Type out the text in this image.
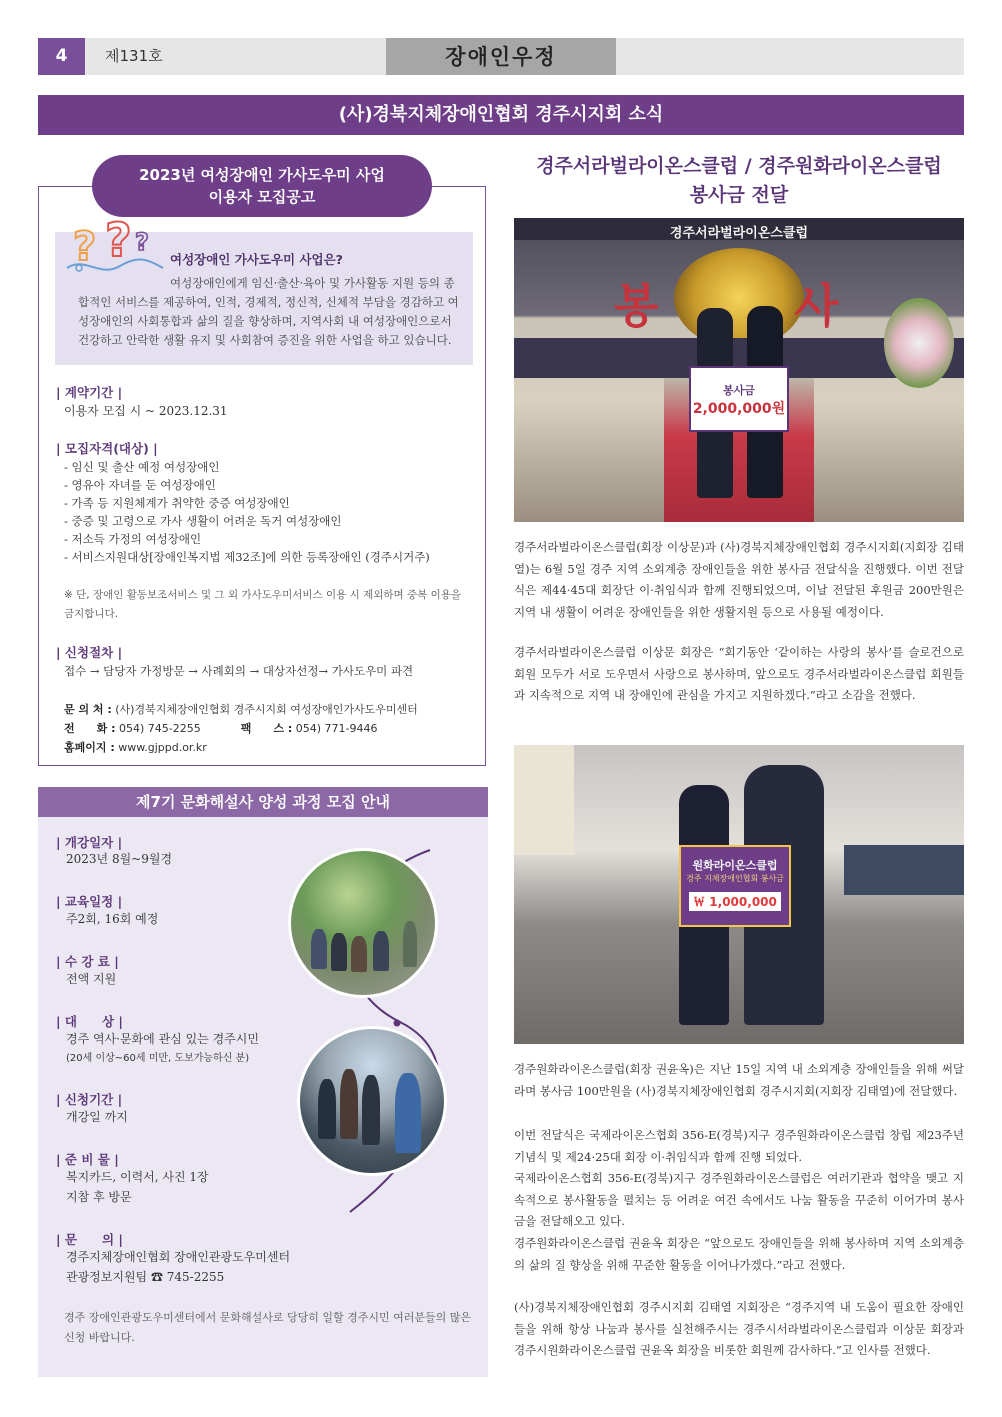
4	제131호	장애인우정
(사)경북지체장애인협회 경주시지회 소식
2023년 여성장애인 가사도우미 사업
이용자 모집공고
? ? ?
여성장애인 가사도우미 사업은?
여성장애인에게 임신·출산·육아 및 가사활동 지원 등의 종합적인 서비스를 제공하여, 인적, 경제적, 정신적, 신체적 부담을 경감하고 여성장애인의 사회통합과 삶의 질을 향상하며, 지역사회 내 여성장애인으로서 건강하고 안락한 생활 유지 및 사회참여 증진을 위한 사업을 하고 있습니다.
| 계약기간 |
이용자 모집 시 ~ 2023.12.31
| 모집자격(대상) |
- 임신 및 출산 예정 여성장애인
- 영유아 자녀를 둔 여성장애인
- 가족 등 지원체계가 취약한 중증 여성장애인
- 중증 및 고령으로 가사 생활이 어려운 독거 여성장애인
- 저소득 가정의 여성장애인
- 서비스지원대상[장애인복지법 제32조]에 의한 등록장애인 (경주시거주)
※ 단, 장애인 활동보조서비스 및 그 외 가사도우미서비스 이용 시 제외하며 중복 이용을 금지합니다.
| 신청절차 |
접수 → 담당자 가정방문 → 사례회의 → 대상자선정→ 가사도우미 파견
문 의 처 : (사)경북지체장애인협회 경주시지회 여성장애인가사도우미센터
전　　화 : 054) 745-2255	팩　　스 : 054) 771-9446
홈페이지 : www.gjppd.or.kr
제7기 문화해설사 양성 과정 모집 안내
| 개강일자 |
2023년 8월~9월경
| 교육일정 |
주2회, 16회 예정
| 수 강 료 |
전액 지원
| 대　　상 |
경주 역사·문화에 관심 있는 경주시민
(20세 이상~60세 미만, 도보가능하신 분)
| 신청기간 |
개강일 까지
| 준 비 물 |
복지카드, 이력서, 사진 1장
지참 후 방문
| 문　　의 |
경주지체장애인협회 장애인관광도우미센터
관광정보지원팀 ☎ 745-2255
경주 장애인관광도우미센터에서 문화해설사로 당당히 일할 경주시민 여러분들의 많은 신청 바랍니다.
경주서라벌라이온스클럽 / 경주원화라이온스클럽
봉사금 전달
경주서라벌라이온스클럽
봉	사
봉사금
2,000,000원
경주서라벌라이온스클럽(회장 이상문)과 (사)경북지체장애인협회 경주시지회(지회장 김태열)는 6월 5일 경주 지역 소외계층 장애인들을 위한 봉사금 전달식을 진행했다. 이번 전달식은 제44·45대 회장단 이·취임식과 함께 진행되었으며, 이날 전달된 후원금 200만원은 지역 내 생활이 어려운 장애인들을 위한 생활지원 등으로 사용될 예정이다.
경주서라벌라이온스클럽 이상문 회장은 “회기동안 ‘같이하는 사랑의 봉사’를 슬로건으로 회원 모두가 서로 도우면서 사랑으로 봉사하며, 앞으로도 경주서라벌라이온스클럽 회원들과 지속적으로 지역 내 장애인에 관심을 가지고 지원하겠다.”라고 소감을 전했다.
원화라이온스클럽
경주 지체장애인협회 봉사금
￦ 1,000,000
경주원화라이온스클럽(회장 권윤옥)은 지난 15일 지역 내 소외계층 장애인들을 위해 써달라며 봉사금 100만원을 (사)경북지체장애인협회 경주시지회(지회장 김태열)에 전달했다.
이번 전달식은 국제라이온스협회 356-E(경북)지구 경주원화라이온스클럽 창립 제23주년 기념식 및 제24·25대 회장 이·취임식과 함께 진행 되었다.
국제라이온스협회 356-E(경북)지구 경주원화라이온스클럽은 여러기관과 협약을 맺고 지속적으로 봉사활동을 펼치는 등 어려운 여건 속에서도 나눔 활동을 꾸준히 이어가며 봉사금을 전달해오고 있다.
경주원화라이온스클럽 권윤옥 회장은 “앞으로도 장애인들을 위해 봉사하며 지역 소외계층의 삶의 질 향상을 위해 꾸준한 활동을 이어나가겠다.”라고 전했다.
(사)경북지체장애인협회 경주시지회 김태열 지회장은 “경주지역 내 도움이 필요한 장애인들을 위해 항상 나눔과 봉사를 실천해주시는 경주시서라벌라이온스클럽과 이상문 회장과 경주시원화라이온스클럽 권윤옥 회장을 비롯한 회원께 감사하다.”고 인사를 전했다.
